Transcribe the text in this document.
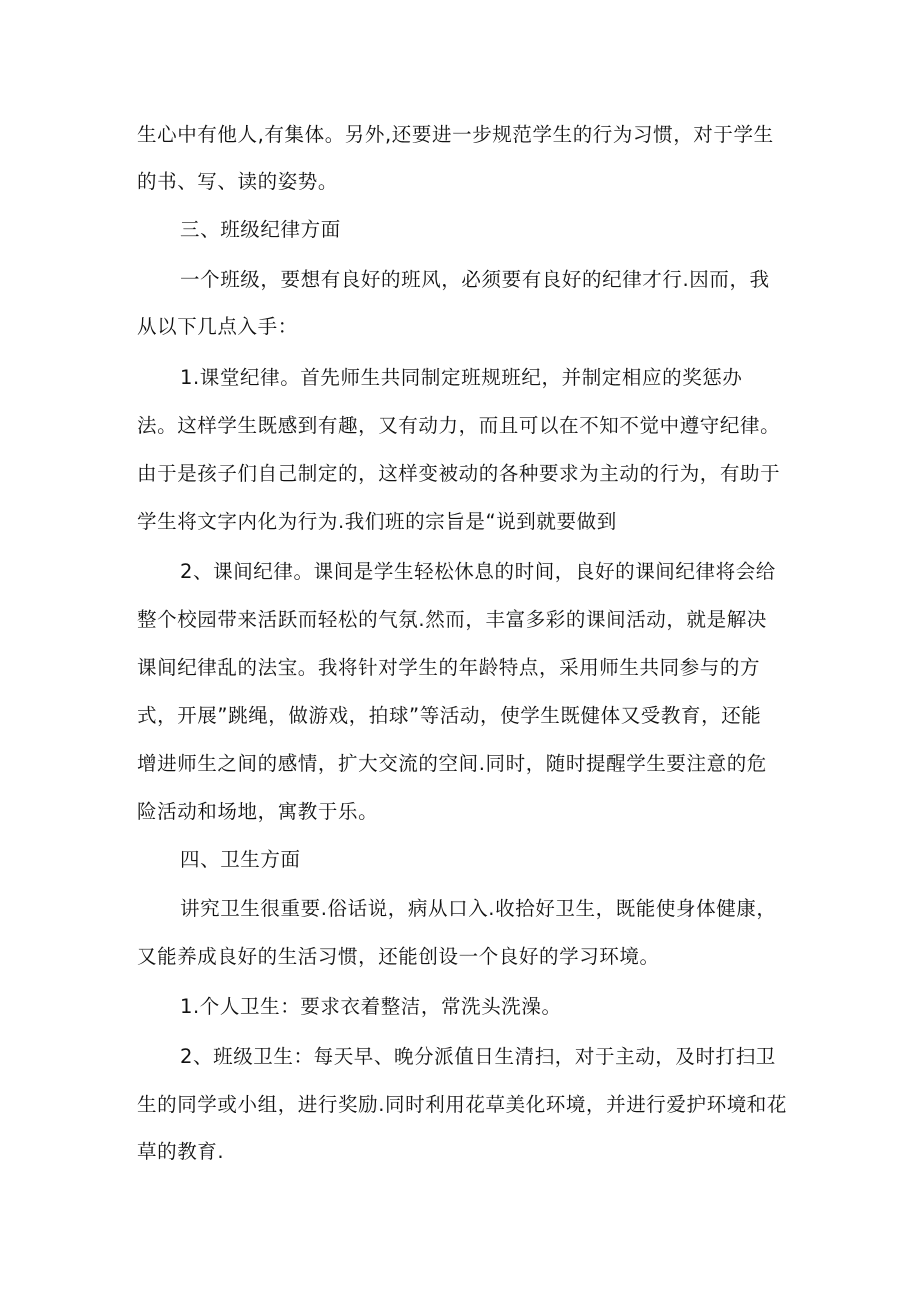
生心中有他人,有集体。另外,还要进一步规范学生的行为习惯，对于学生
的书、写、读的姿势。
三、班级纪律方面
一个班级，要想有良好的班风，必须要有良好的纪律才行.因而，我
从以下几点入手：
1.课堂纪律。首先师生共同制定班规班纪，并制定相应的奖惩办
法。这样学生既感到有趣，又有动力，而且可以在不知不觉中遵守纪律。
由于是孩子们自己制定的，这样变被动的各种要求为主动的行为，有助于
学生将文字内化为行为.我们班的宗旨是“说到就要做到
2、课间纪律。课间是学生轻松休息的时间，良好的课间纪律将会给
整个校园带来活跃而轻松的气氛.然而，丰富多彩的课间活动，就是解决
课间纪律乱的法宝。我将针对学生的年龄特点，采用师生共同参与的方
式，开展”跳绳，做游戏，拍球”等活动，使学生既健体又受教育，还能
增进师生之间的感情，扩大交流的空间.同时，随时提醒学生要注意的危
险活动和场地，寓教于乐。
四、卫生方面
讲究卫生很重要.俗话说，病从口入.收拾好卫生，既能使身体健康，
又能养成良好的生活习惯，还能创设一个良好的学习环境。
1.个人卫生：要求衣着整洁，常洗头洗澡。
2、班级卫生：每天早、晚分派值日生清扫，对于主动，及时打扫卫
生的同学或小组，进行奖励.同时利用花草美化环境，并进行爱护环境和花
草的教育.
